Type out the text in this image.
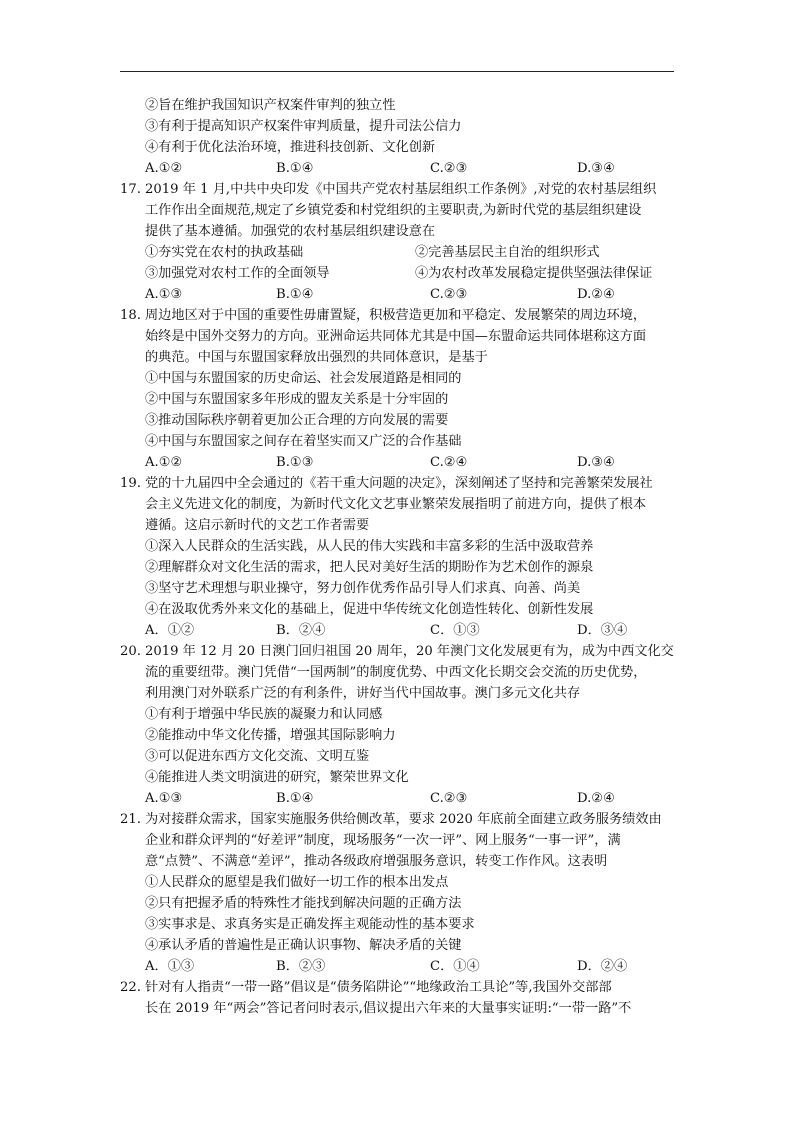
②旨在维护我国知识产权案件审判的独立性
③有利于提高知识产权案件审判质量，提升司法公信力
④有利于优化法治环境，推进科技创新、文化创新
A.①②	B.①④	C.②③	D.③④
17. 2019 年 1 月,中共中央印发《中国共产党农村基层组织工作条例》,对党的农村基层组织
工作作出全面规范,规定了乡镇党委和村党组织的主要职责,为新时代党的基层组织建设
提供了基本遵循。加强党的农村基层组织建设意在
①夯实党在农村的执政基础	②完善基层民主自治的组织形式
③加强党对农村工作的全面领导	④为农村改革发展稳定提供坚强法律保证
A.①③	B.①④	C.②③	D.②④
18. 周边地区对于中国的重要性毋庸置疑，积极营造更加和平稳定、发展繁荣的周边环境，
始终是中国外交努力的方向。亚洲命运共同体尤其是中国—东盟命运共同体堪称这方面
的典范。中国与东盟国家释放出强烈的共同体意识，是基于
①中国与东盟国家的历史命运、社会发展道路是相同的
②中国与东盟国家多年形成的盟友关系是十分牢固的
③推动国际秩序朝着更加公正合理的方向发展的需要
④中国与东盟国家之间存在着坚实而又广泛的合作基础
A.①②	B.①③	C.②④	D.③④
19. 党的十九届四中全会通过的《若干重大问题的决定》，深刻阐述了坚持和完善繁荣发展社
会主义先进文化的制度，为新时代文化文艺事业繁荣发展指明了前进方向，提供了根本
遵循。这启示新时代的文艺工作者需要
①深入人民群众的生活实践，从人民的伟大实践和丰富多彩的生活中汲取营养
②理解群众对文化生活的需求，把人民对美好生活的期盼作为艺术创作的源泉
③坚守艺术理想与职业操守，努力创作优秀作品引导人们求真、向善、尚美
④在汲取优秀外来文化的基础上，促进中华传统文化创造性转化、创新性发展
A．①②	B．②④	C．①③	D．③④
20. 2019 年 12 月 20 日澳门回归祖国 20 周年，20 年澳门文化发展更有为，成为中西文化交
流的重要纽带。澳门凭借“一国两制”的制度优势、中西文化长期交会交流的历史优势，
利用澳门对外联系广泛的有利条件，讲好当代中国故事。澳门多元文化共存
①有利于增强中华民族的凝聚力和认同感
②能推动中华文化传播，增强其国际影响力
③可以促进东西方文化交流、文明互鉴
④能推进人类文明演进的研究，繁荣世界文化
A.①③	B.①④	C.②③	D.②④
21. 为对接群众需求，国家实施服务供给侧改革，要求 2020 年底前全面建立政务服务绩效由
企业和群众评判的“好差评”制度，现场服务“一次一评”、网上服务“一事一评”，满
意“点赞”、不满意“差评”，推动各级政府增强服务意识，转变工作作风。这表明
①人民群众的愿望是我们做好一切工作的根本出发点
②只有把握矛盾的特殊性才能找到解决问题的正确方法
③实事求是、求真务实是正确发挥主观能动性的基本要求
④承认矛盾的普遍性是正确认识事物、解决矛盾的关键
A．①③	B．②③	C．①④	D．②④
22. 针对有人指责“一带一路”倡议是“债务陷阱论”“地缘政治工具论”等,我国外交部部
长在 2019 年“两会”答记者问时表示,倡议提出六年来的大量事实证明:“一带一路”不
